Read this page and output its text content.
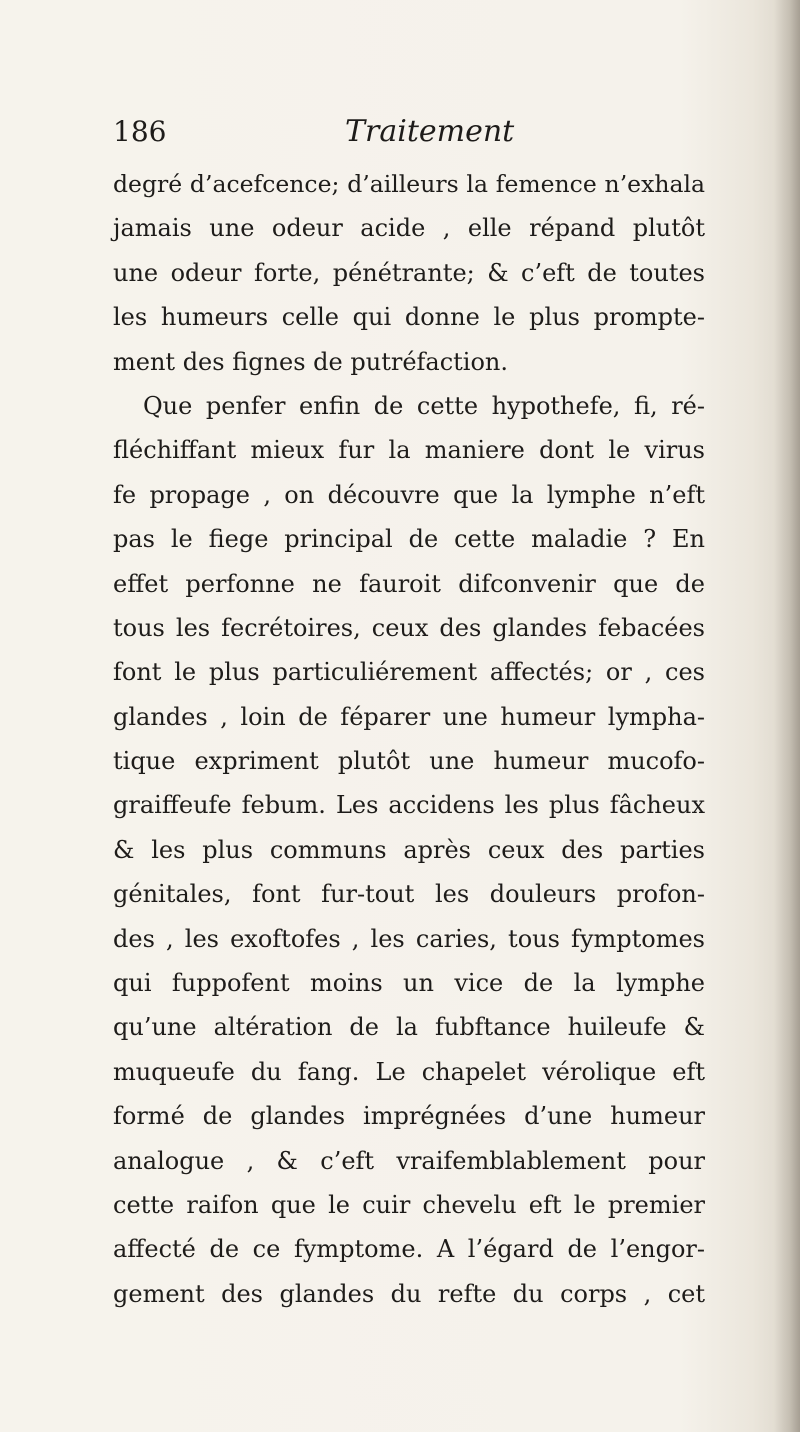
186	Traitement
degré d’acefcence; d’ailleurs la femence n’exhala
jamais une odeur acide , elle répand plutôt
une odeur forte, pénétrante; & c’eft de toutes
les humeurs celle qui donne le plus prompte-
ment des fignes de putréfaction.
Que penfer enfin de cette hypothefe, fi, ré-
fléchiffant mieux fur la maniere dont le virus
fe propage , on découvre que la lymphe n’eft
pas le fiege principal de cette maladie ? En
effet perfonne ne fauroit difconvenir que de
tous les fecrétoires, ceux des glandes febacées
font le plus particuliérement affectés; or , ces
glandes , loin de féparer une humeur lympha-
tique expriment plutôt une humeur mucofo-
graiffeufe febum. Les accidens les plus fâcheux
& les plus communs après ceux des parties
génitales, font fur-tout les douleurs profon-
des , les exoftofes , les caries, tous fymptomes
qui fuppofent moins un vice de la lymphe
qu’une altération de la fubftance huileufe &
muqueufe du fang. Le chapelet vérolique eft
formé de glandes imprégnées d’une humeur
analogue , & c’eft vraifemblablement pour
cette raifon que le cuir chevelu eft le premier
affecté de ce fymptome. A l’égard de l’engor-
gement des glandes du refte du corps , cet
